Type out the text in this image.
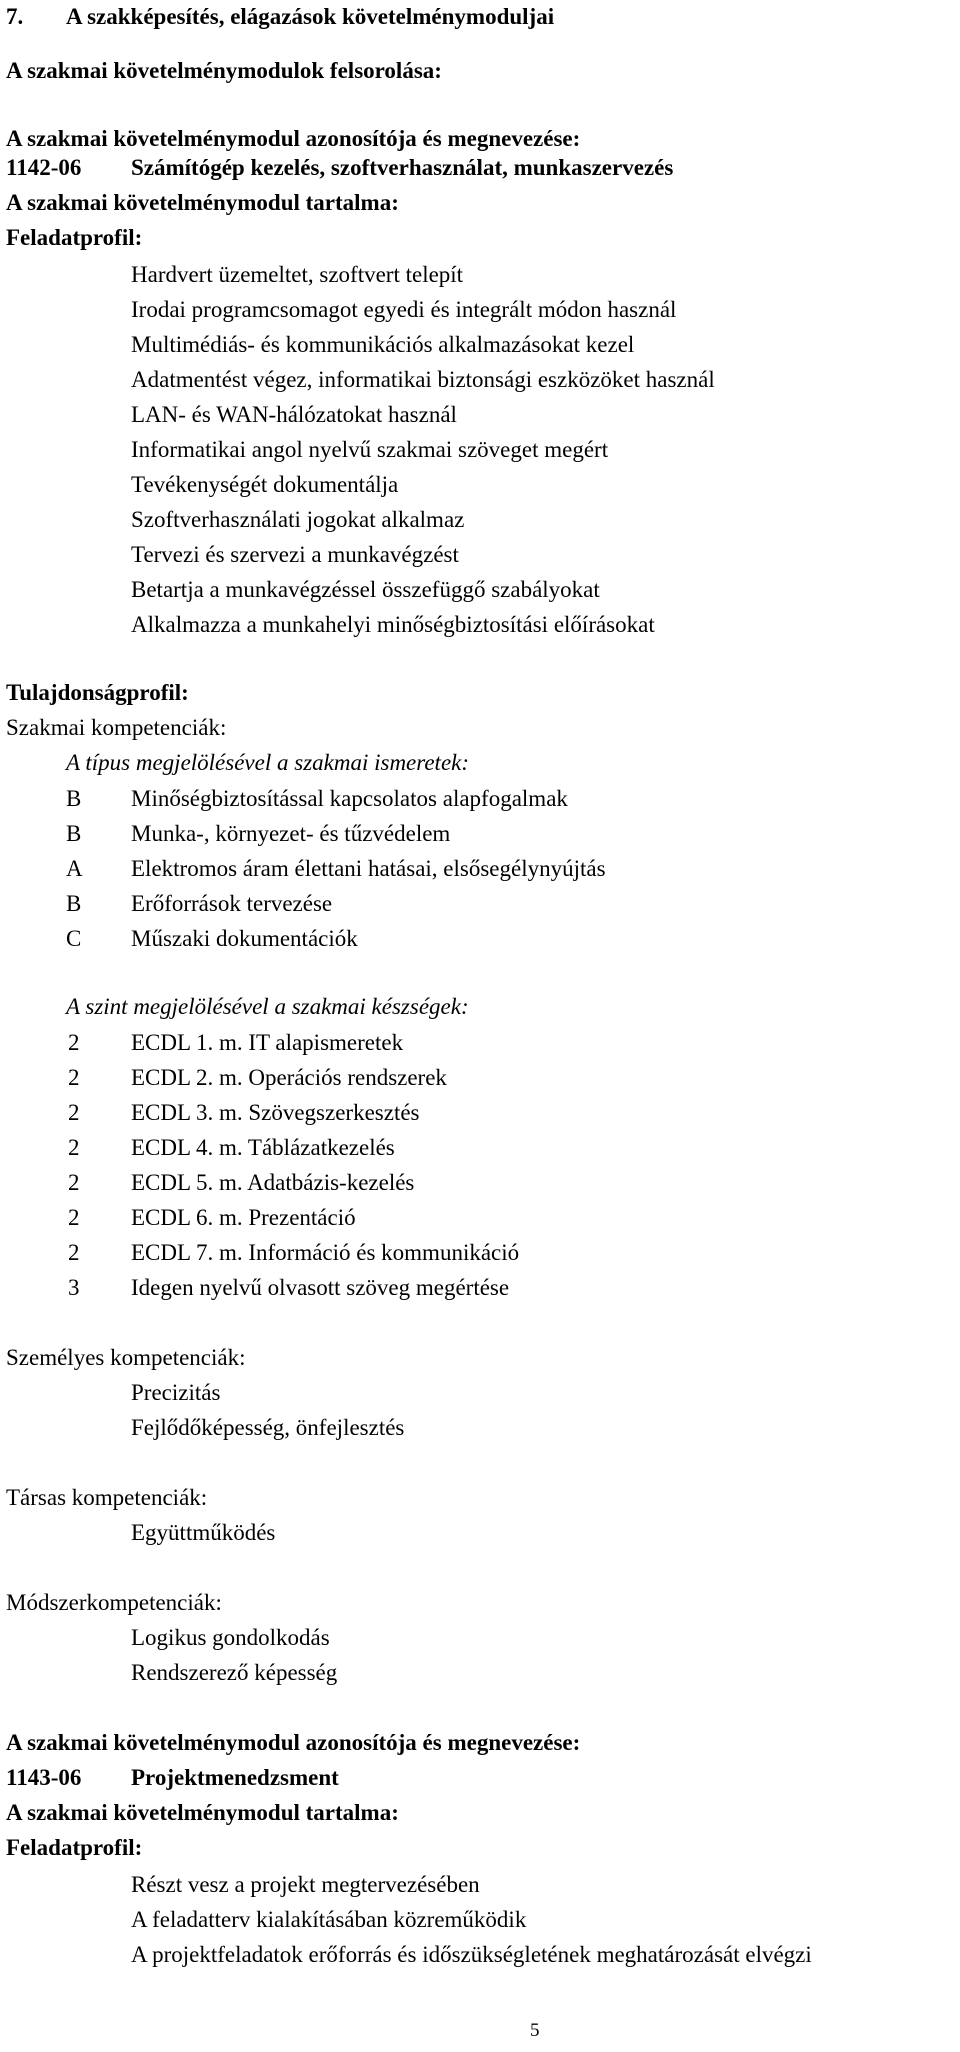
7. A szakképesítés, elágazások követelménymoduljai
A szakmai követelménymodulok felsorolása:
A szakmai követelménymodul azonosítója és megnevezése:
1142-06 Számítógép kezelés, szoftverhasználat, munkaszervezés
A szakmai követelménymodul tartalma:
Feladatprofil:
Hardvert üzemeltet, szoftvert telepít
Irodai programcsomagot egyedi és integrált módon használ
Multimédiás- és kommunikációs alkalmazásokat kezel
Adatmentést végez, informatikai biztonsági eszközöket használ
LAN- és WAN-hálózatokat használ
Informatikai angol nyelvű szakmai szöveget megért
Tevékenységét dokumentálja
Szoftverhasználati jogokat alkalmaz
Tervezi és szervezi a munkavégzést
Betartja a munkavégzéssel összefüggő szabályokat
Alkalmazza a munkahelyi minőségbiztosítási előírásokat
Tulajdonságprofil:
Szakmai kompetenciák:
A típus megjelölésével a szakmai ismeretek:
B Minőségbiztosítással kapcsolatos alapfogalmak
B Munka-, környezet- és tűzvédelem
A Elektromos áram élettani hatásai, elsősegélynyújtás
B Erőforrások tervezése
C Műszaki dokumentációk
A szint megjelölésével a szakmai készségek:
2 ECDL 1. m. IT alapismeretek
2 ECDL 2. m. Operációs rendszerek
2 ECDL 3. m. Szövegszerkesztés
2 ECDL 4. m. Táblázatkezelés
2 ECDL 5. m. Adatbázis-kezelés
2 ECDL 6. m. Prezentáció
2 ECDL 7. m. Információ és kommunikáció
3 Idegen nyelvű olvasott szöveg megértése
Személyes kompetenciák:
Precizitás
Fejlődőképesség, önfejlesztés
Társas kompetenciák:
Együttműködés
Módszerkompetenciák:
Logikus gondolkodás
Rendszerező képesség
A szakmai követelménymodul azonosítója és megnevezése:
1143-06 Projektmenedzsment
A szakmai követelménymodul tartalma:
Feladatprofil:
Részt vesz a projekt megtervezésében
A feladatterv kialakításában közreműködik
A projektfeladatok erőforrás és időszükségletének meghatározását elvégzi
5
